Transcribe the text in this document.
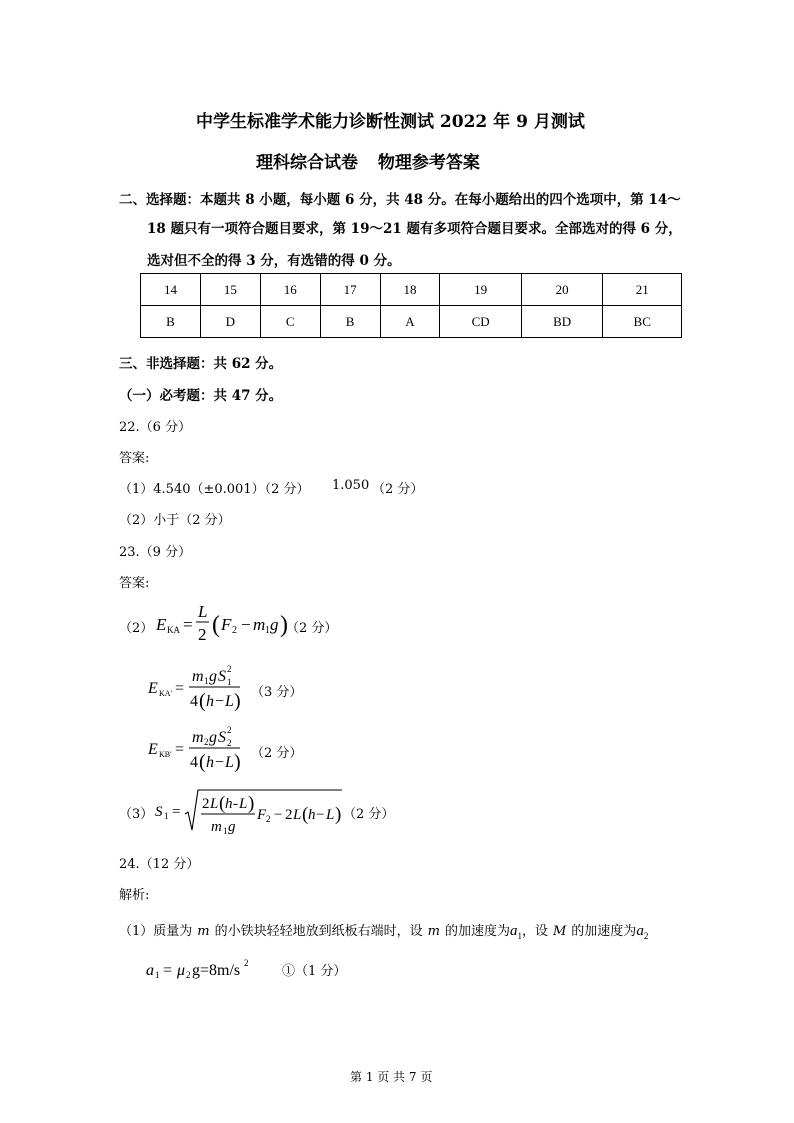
中学生标准学术能力诊断性测试 2022 年 9 月测试
理科综合试卷 物理参考答案
二、选择题：本题共 8 小题，每小题 6 分，共 48 分。在每小题给出的四个选项中，第 14～
18 题只有一项符合题目要求，第 19～21 题有多项符合题目要求。全部选对的得 6 分，
选对但不全的得 3 分，有选错的得 0 分。
14	15	16	17	18	19	20	21
B	D	C	B	A	CD	BD	BC
三、非选择题：共 62 分。
（一）必考题：共 47 分。
22.（6 分）
答案:
（1）4.540（±0.001）（2 分） 1.050 （2 分）
（2）小于（2 分）
23.（9 分）
答案:
（2） E KA =
L
2 ( F 2 − m 1 g )
（2 分）
E KA' =
m 1 g S 2
1
4 ( h − L ) （3 分）
E KB' =
m 2 g S 2
2
4 ( h − L ) （2 分）
（3） S 1 = 2 L ( h - L )
m 1 g
F 2 − 2 L ( h − L ) （2 分）
24.（12 分）
解析:
（1）质量为 m 的小铁块轻轻地放到纸板右端时，设 m 的加速度为$a_1$，设 M 的加速度为$a_2$
a 1 = μ 2 g=8m/s 2
①（1 分）
第 1 页 共 7 页
